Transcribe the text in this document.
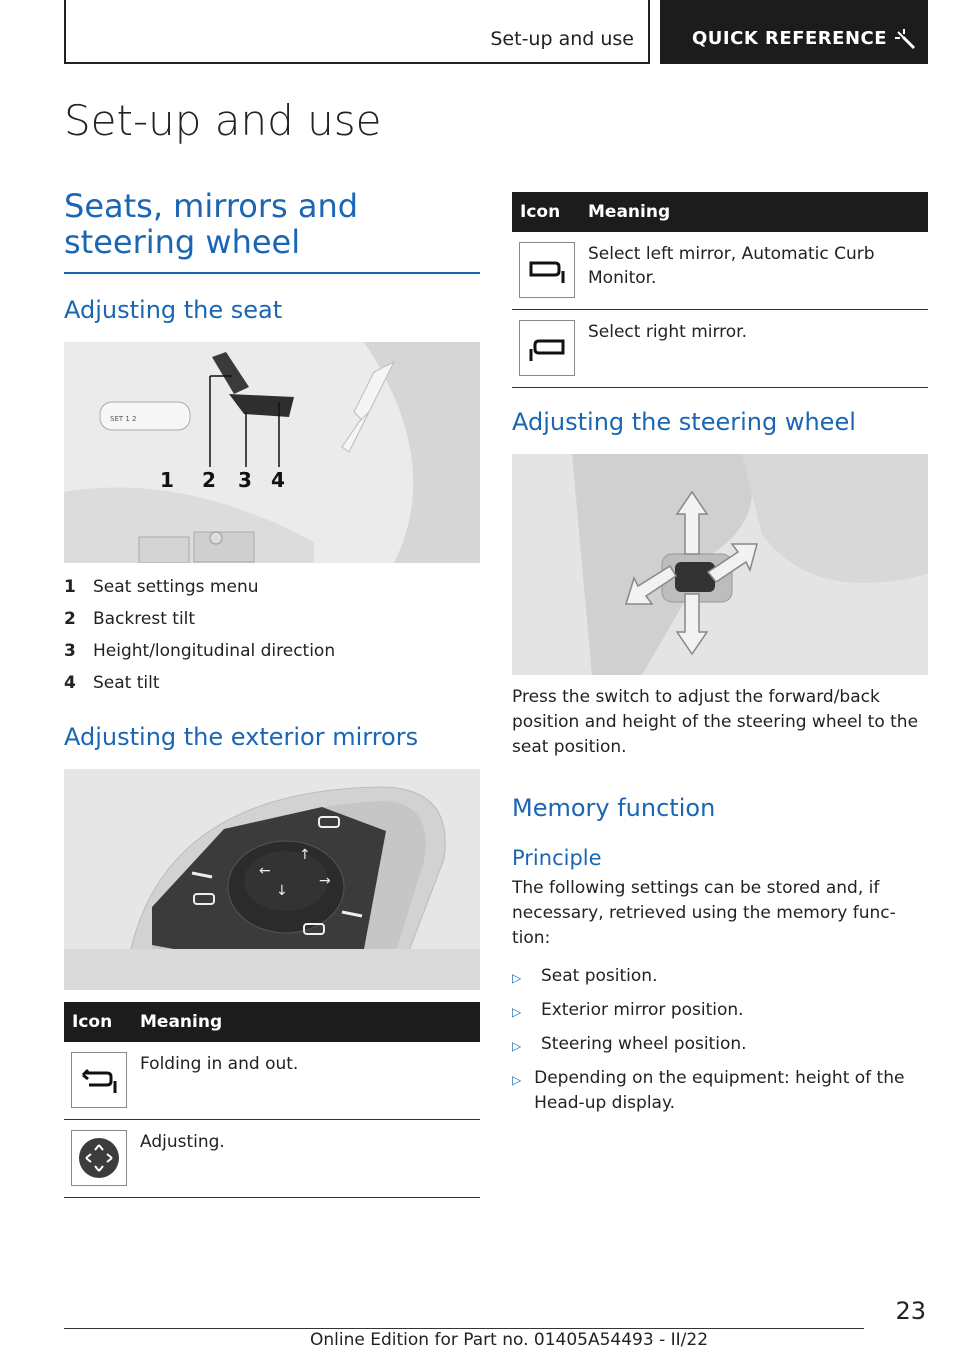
Set-up and use	QUICK REFERENCE
Set-up and use
Seats, mirrors and steering wheel
Adjusting the seat
SET 1 2
1 2 3 4
1	Seat settings menu
2	Backrest tilt
3	Height/longitudinal direction
4	Seat tilt
Adjusting the exterior mirrors
↑
←
→
↓
Icon	Meaning
Folding in and out.
Adjusting.
Icon	Meaning
Select left mirror, Automatic Curb Monitor.
Select right mirror.
Adjusting the steering wheel

Press the switch to adjust the forward/back position and height of the steering wheel to the seat position.

Memory function
Principle

The following settings can be stored and, if necessary, retrieved using the memory func‐ tion:

▷	Seat position.
▷	Exterior mirror position.
▷	Steering wheel position.
▷ Depending on the equipment: height of the Head-up display.
23
Online Edition for Part no. 01405A54493 - II/22
